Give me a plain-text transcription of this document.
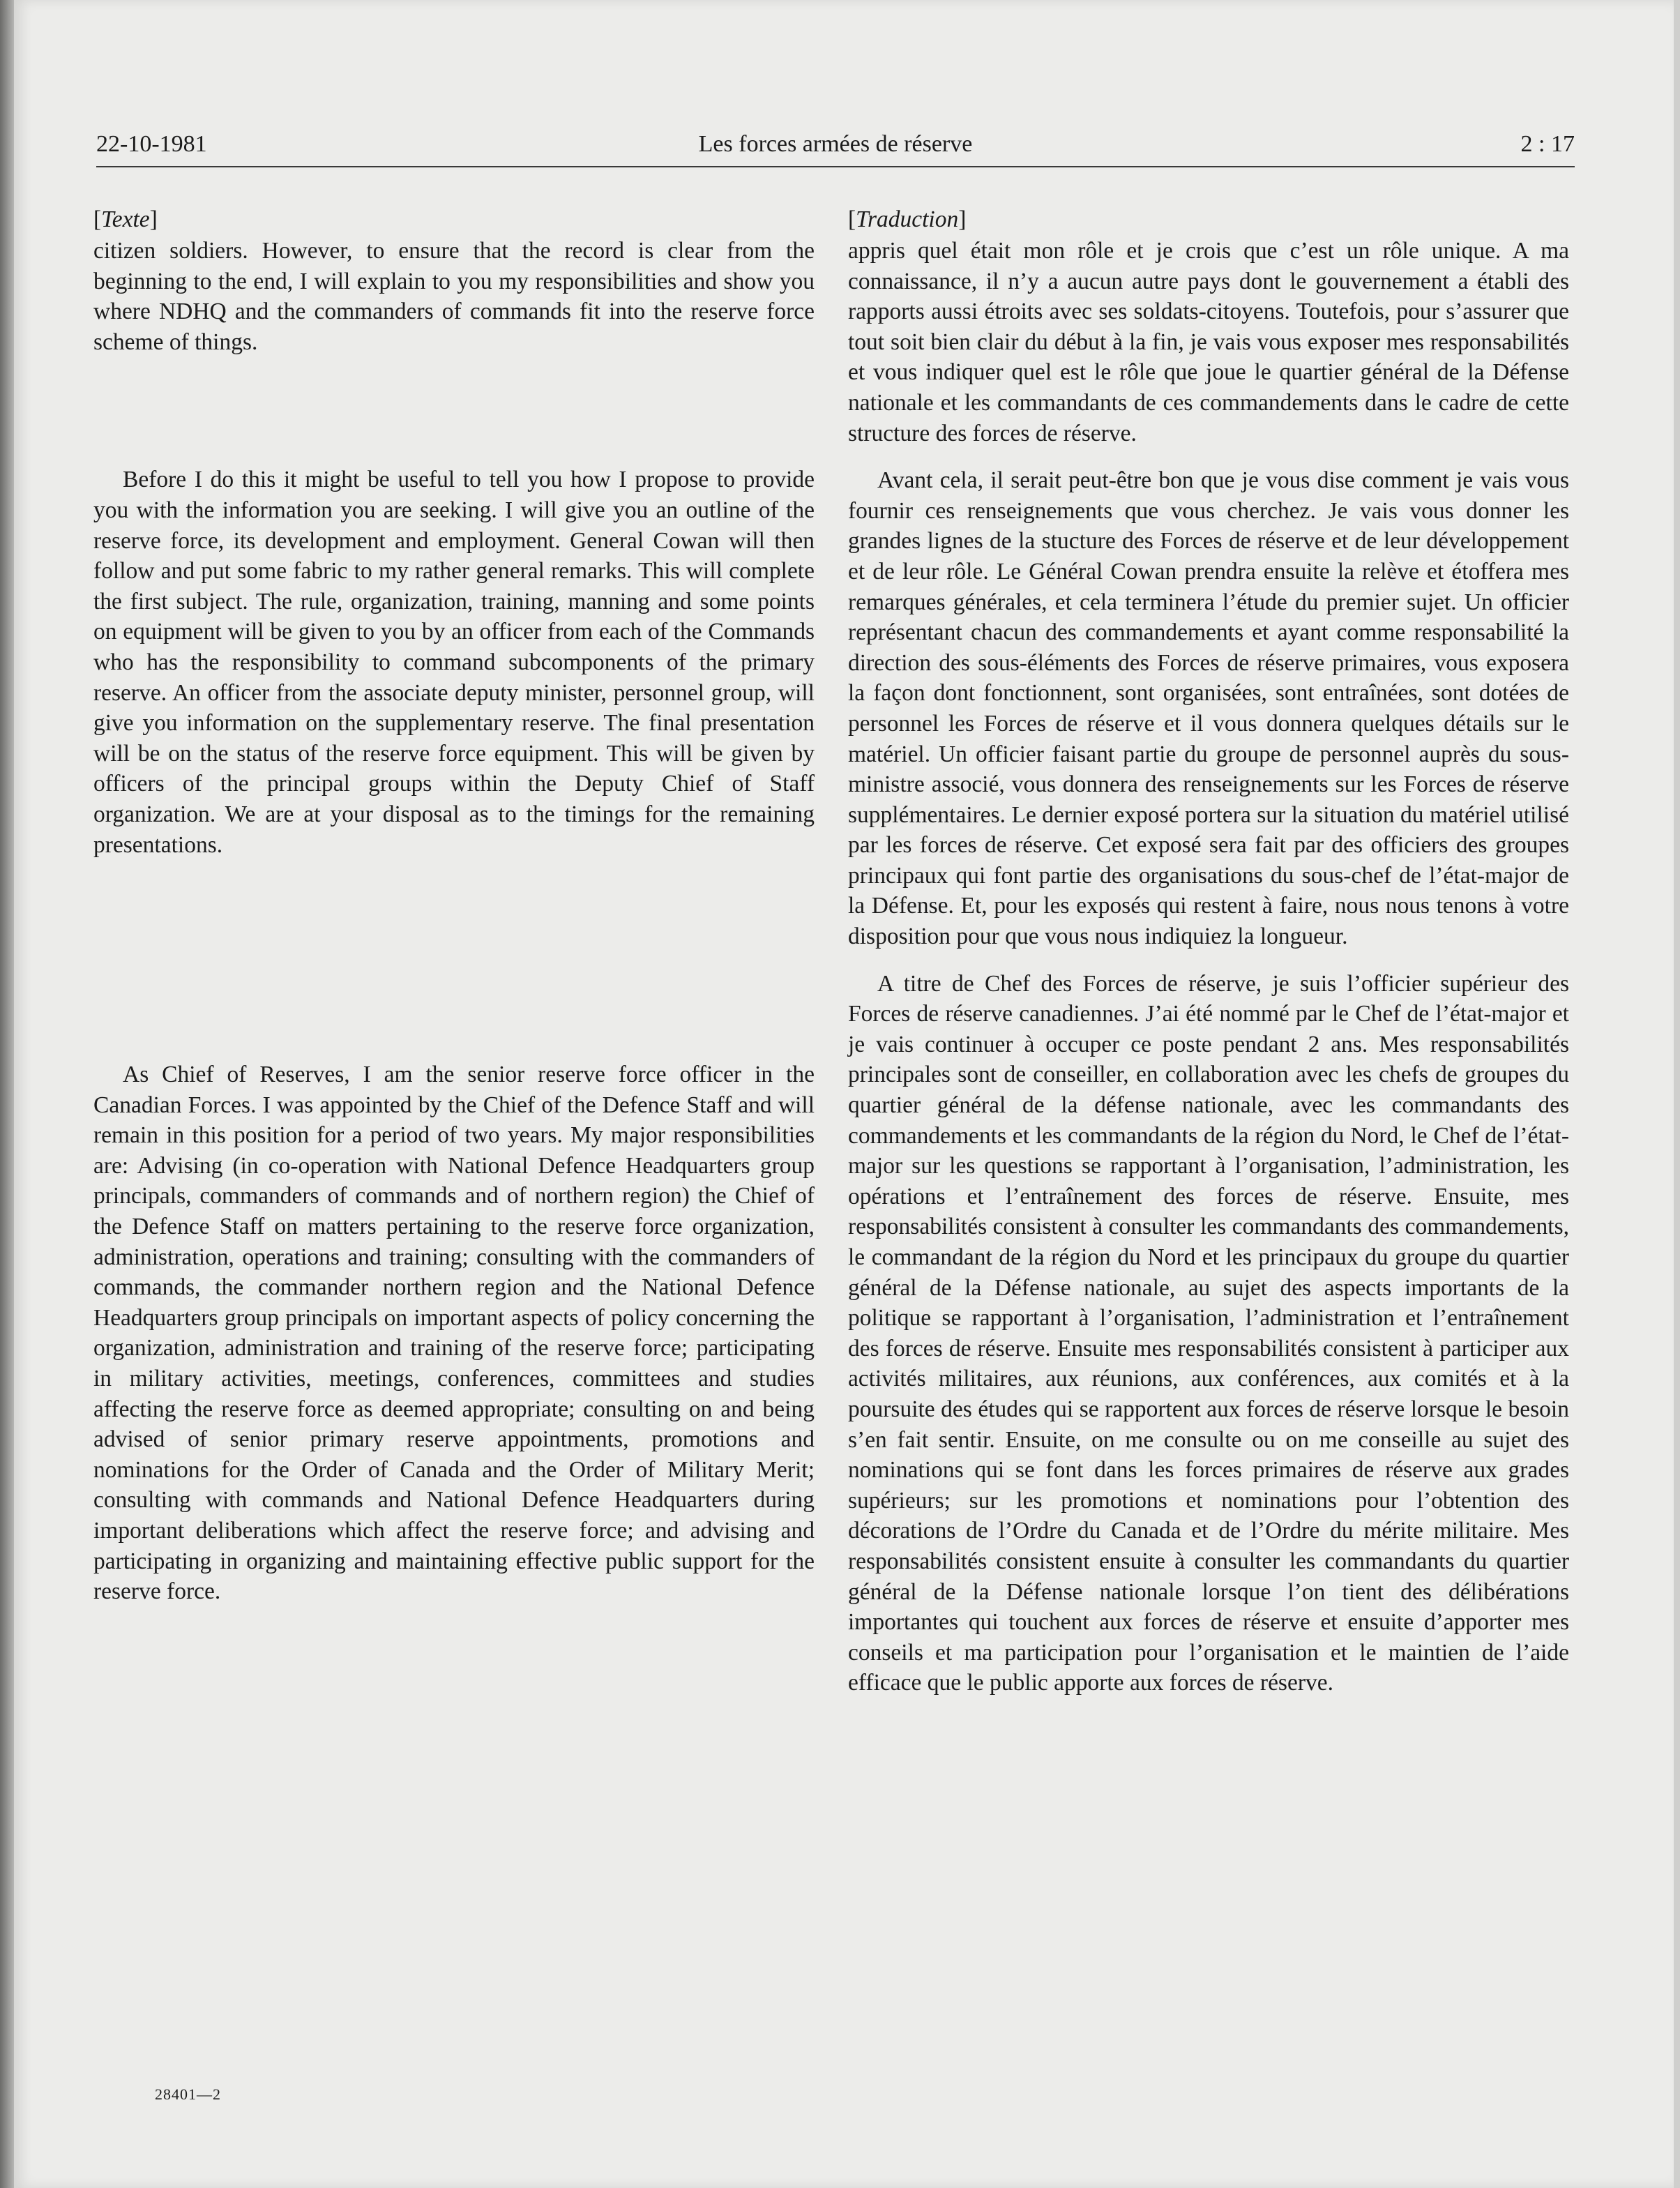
22-10-1981	Les forces armées de réserve	2 : 17

[Texte]

citizen soldiers. However, to ensure that the record is clear from the beginning to the end, I will explain to you my responsibilities and show you where NDHQ and the commanders of commands fit into the reserve force scheme of things.

Before I do this it might be useful to tell you how I propose to provide you with the information you are seeking. I will give you an outline of the reserve force, its development and employment. General Cowan will then follow and put some fabric to my rather general remarks. This will complete the first subject. The rule, organization, training, manning and some points on equipment will be given to you by an officer from each of the Commands who has the responsibility to command subcomponents of the primary reserve. An officer from the associate deputy minister, personnel group, will give you information on the supplementary reserve. The final presentation will be on the status of the reserve force equipment. This will be given by officers of the principal groups within the Deputy Chief of Staff organization. We are at your disposal as to the timings for the remaining presentations.

As Chief of Reserves, I am the senior reserve force officer in the Canadian Forces. I was appointed by the Chief of the Defence Staff and will remain in this position for a period of two years. My major responsibilities are: Advising (in co-operation with National Defence Headquarters group principals, commanders of commands and of northern region) the Chief of the Defence Staff on matters pertaining to the reserve force organization, administration, operations and training; consulting with the commanders of commands, the commander northern region and the National Defence Headquarters group principals on important aspects of policy concerning the organization, administration and training of the reserve force; participating in military activities, meetings, conferences, committees and studies affecting the reserve force as deemed appropriate; consulting on and being advised of senior primary reserve appointments, promotions and nominations for the Order of Canada and the Order of Military Merit; consulting with commands and National Defence Headquarters during important deliberations which affect the reserve force; and advising and participating in organizing and maintaining effective public support for the reserve force.

[Traduction]

appris quel était mon rôle et je crois que c’est un rôle unique. A ma connaissance, il n’y a aucun autre pays dont le gouvernement a établi des rapports aussi étroits avec ses soldats-citoyens. Toutefois, pour s’assurer que tout soit bien clair du début à la fin, je vais vous exposer mes responsabilités et vous indiquer quel est le rôle que joue le quartier général de la Défense nationale et les commandants de ces commandements dans le cadre de cette structure des forces de réserve.

Avant cela, il serait peut-être bon que je vous dise comment je vais vous fournir ces renseignements que vous cherchez. Je vais vous donner les grandes lignes de la stucture des Forces de réserve et de leur développement et de leur rôle. Le Général Cowan prendra ensuite la relève et étoffera mes remarques générales, et cela terminera l’étude du premier sujet. Un officier représentant chacun des commandements et ayant comme responsabilité la direction des sous-éléments des Forces de réserve primaires, vous exposera la façon dont fonctionnent, sont organisées, sont entraînées, sont dotées de personnel les Forces de réserve et il vous donnera quelques détails sur le matériel. Un officier faisant partie du groupe de personnel auprès du sous-ministre associé, vous donnera des renseignements sur les Forces de réserve supplémentaires. Le dernier exposé portera sur la situation du matériel utilisé par les forces de réserve. Cet exposé sera fait par des officiers des groupes principaux qui font partie des organisations du sous-chef de l’état-major de la Défense. Et, pour les exposés qui restent à faire, nous nous tenons à votre disposition pour que vous nous indiquiez la longueur.

A titre de Chef des Forces de réserve, je suis l’officier supérieur des Forces de réserve canadiennes. J’ai été nommé par le Chef de l’état-major et je vais continuer à occuper ce poste pendant 2 ans. Mes responsabilités principales sont de conseiller, en collaboration avec les chefs de groupes du quartier général de la défense nationale, avec les commandants des commandements et les commandants de la région du Nord, le Chef de l’état-major sur les questions se rapportant à l’organisation, l’administration, les opérations et l’entraînement des forces de réserve. Ensuite, mes responsabilités consistent à consulter les commandants des commandements, le commandant de la région du Nord et les principaux du groupe du quartier général de la Défense nationale, au sujet des aspects importants de la politique se rapportant à l’organisation, l’administration et l’entraînement des forces de réserve. Ensuite mes responsabilités consistent à participer aux activités militaires, aux réunions, aux conférences, aux comités et à la poursuite des études qui se rapportent aux forces de réserve lorsque le besoin s’en fait sentir. Ensuite, on me consulte ou on me conseille au sujet des nominations qui se font dans les forces primaires de réserve aux grades supérieurs; sur les promotions et nominations pour l’obtention des décorations de l’Ordre du Canada et de l’Ordre du mérite militaire. Mes responsabilités consistent ensuite à consulter les commandants du quartier général de la Défense nationale lorsque l’on tient des délibérations importantes qui touchent aux forces de réserve et ensuite d’apporter mes conseils et ma participation pour l’organisation et le maintien de l’aide efficace que le public apporte aux forces de réserve.

28401—2
